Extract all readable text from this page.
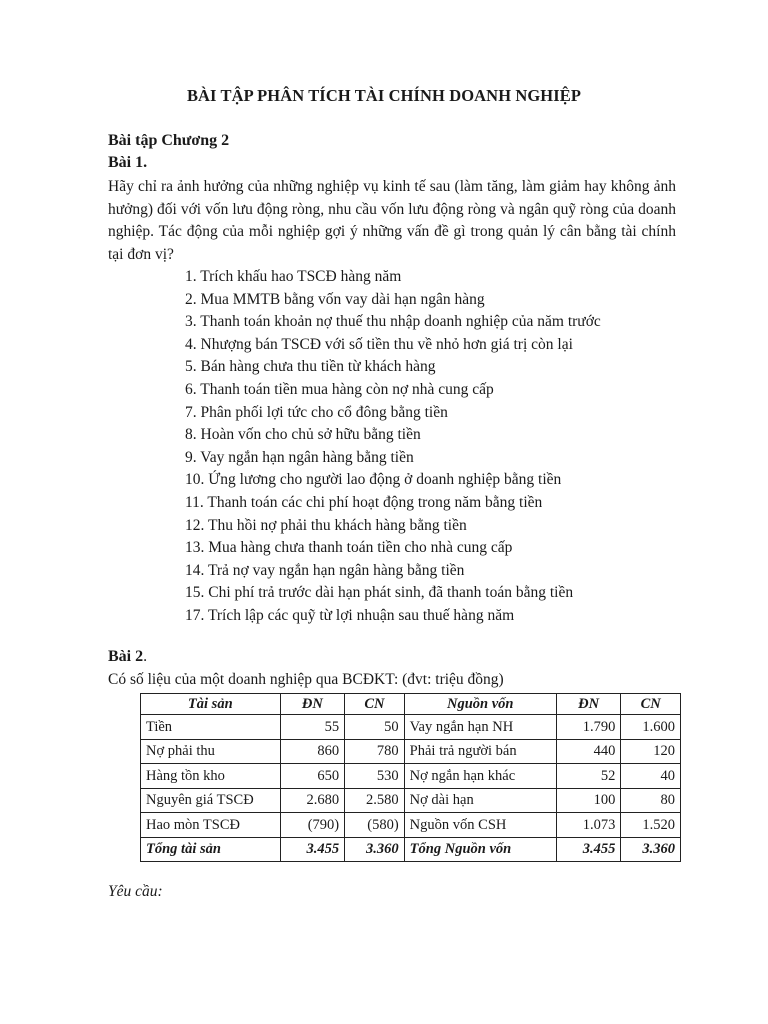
BÀI TẬP PHÂN TÍCH TÀI CHÍNH DOANH NGHIỆP
Bài tập Chương 2
Bài 1.
Hãy chỉ ra ảnh hưởng của những nghiệp vụ kinh tế sau (làm tăng, làm giảm hay không ảnh hưởng) đối với vốn lưu động ròng, nhu cầu vốn lưu động ròng và ngân quỹ ròng của doanh nghiệp. Tác động của mỗi nghiệp gợi ý những vấn đề gì trong quản lý cân bằng tài chính tại đơn vị?
1. Trích khấu hao TSCĐ hàng năm
2. Mua MMTB bằng vốn vay dài hạn ngân hàng
3. Thanh toán khoản nợ thuế thu nhập doanh nghiệp của năm trước
4. Nhượng bán TSCĐ với số tiền thu về nhỏ hơn giá trị còn lại
5. Bán hàng chưa thu tiền từ khách hàng
6. Thanh toán tiền mua hàng còn nợ nhà cung cấp
7. Phân phối lợi tức cho cổ đông bằng tiền
8. Hoàn vốn cho chủ sở hữu bằng tiền
9. Vay ngắn hạn ngân hàng bằng tiền
10. Ứng lương cho người lao động ở doanh nghiệp bằng tiền
11. Thanh toán các chi phí hoạt động trong năm bằng tiền
12. Thu hồi nợ phải thu khách hàng bằng tiền
13. Mua hàng chưa thanh toán tiền cho nhà cung cấp
14. Trả nợ vay ngắn hạn ngân hàng bằng tiền
15. Chi phí trả trước dài hạn phát sinh, đã thanh toán bằng tiền
17. Trích lập các quỹ từ lợi nhuận sau thuế hàng năm
Bài 2.
Có số liệu của một doanh nghiệp qua BCĐKT: (đvt: triệu đồng)
Tài sản	ĐN	CN	Nguồn vốn	ĐN	CN
Tiền	55	50	Vay ngắn hạn NH	1.790	1.600
Nợ phải thu	860	780	Phải trả người bán	440	120
Hàng tồn kho	650	530	Nợ ngắn hạn khác	52	40
Nguyên giá TSCĐ	2.680	2.580	Nợ dài hạn	100	80
Hao mòn TSCĐ	(790)	(580)	Nguồn vốn CSH	1.073	1.520
Tổng tài sản	3.455	3.360	Tổng Nguồn vốn	3.455	3.360
Yêu cầu:
